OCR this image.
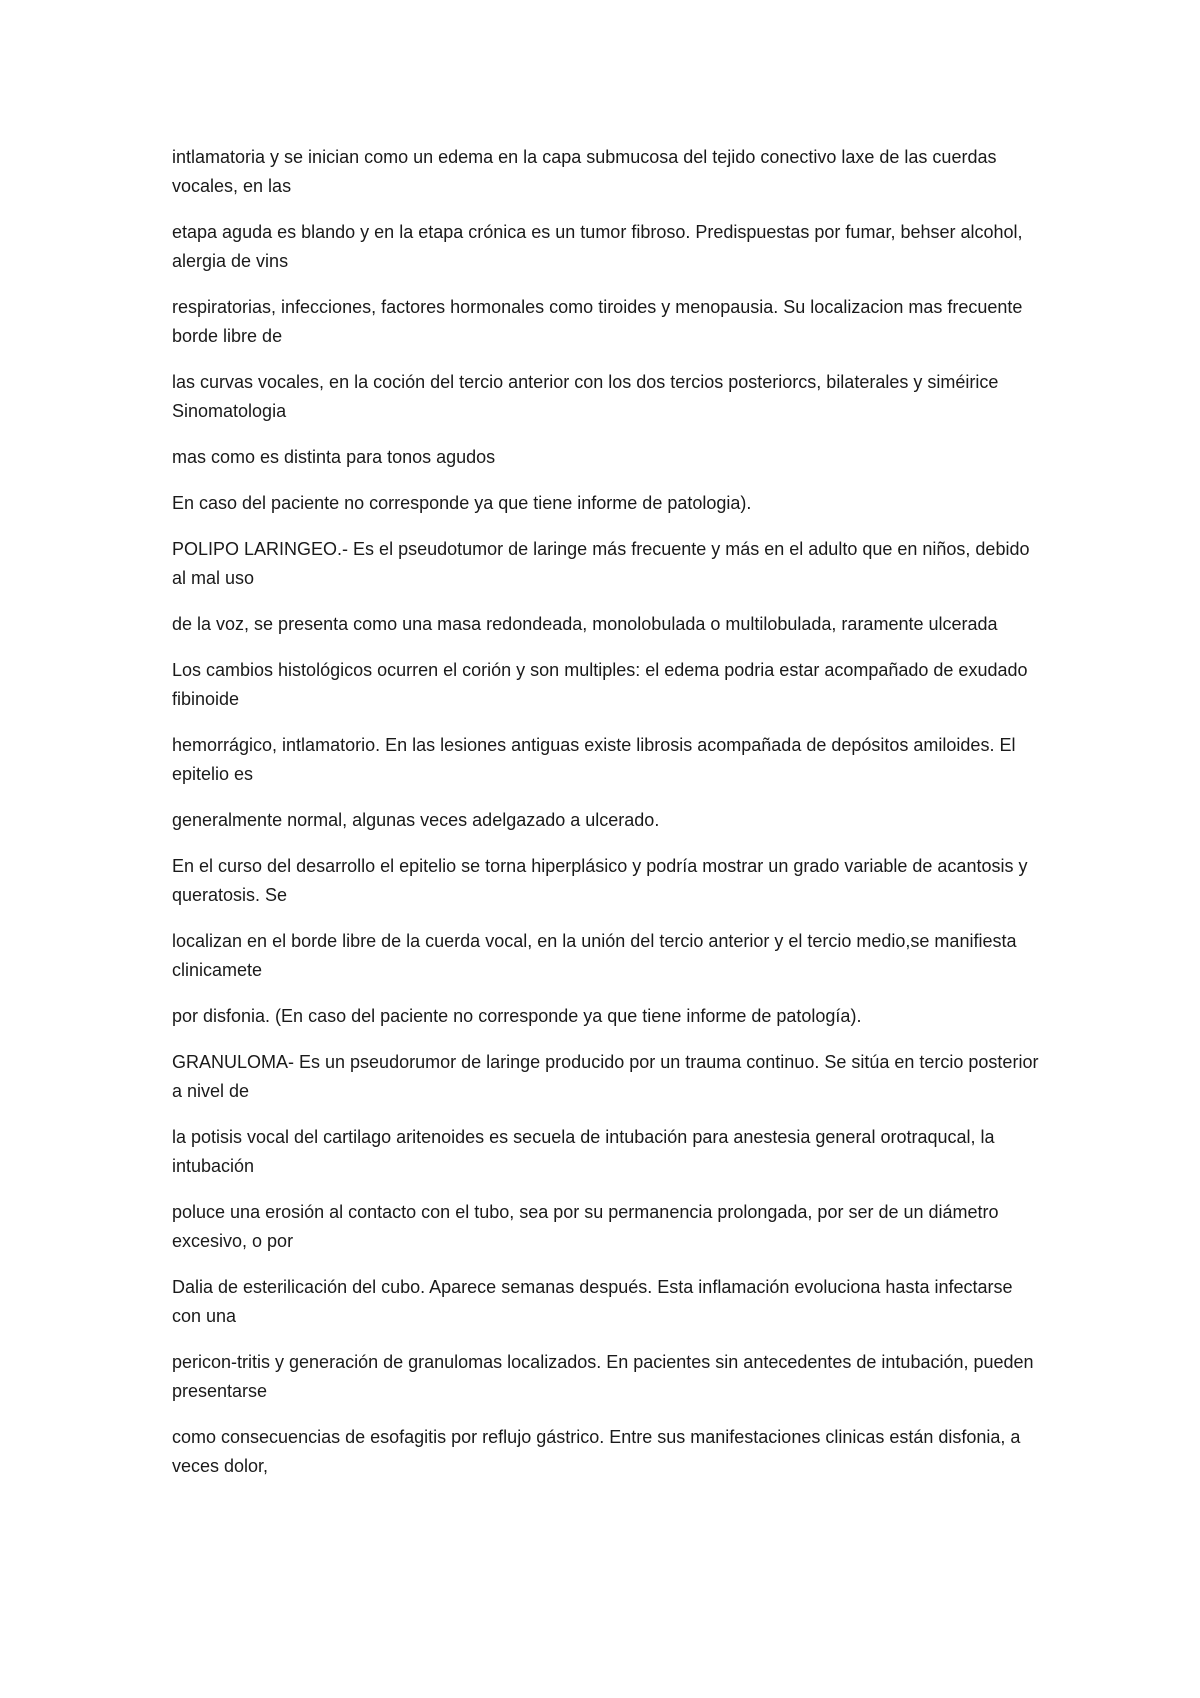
intlamatoria y se inician como un edema en la capa submucosa del tejido conectivo laxe de las cuerdas vocales, en las

etapa aguda es blando y en la etapa crónica es un tumor fibroso. Predispuestas por fumar, behser alcohol, alergia de vins

respiratorias, infecciones, factores hormonales como tiroides y menopausia. Su localizacion mas frecuente borde libre de

las curvas vocales, en la coción del tercio anterior con los dos tercios posteriorcs, bilaterales y siméirice Sinomatologia

mas como es distinta para tonos agudos

En caso del paciente no corresponde ya que tiene informe de patologia).

POLIPO LARINGEO.- Es el pseudotumor de laringe más frecuente y más en el adulto que en niños, debido al mal uso

de la voz, se presenta como una masa redondeada, monolobulada o multilobulada, raramente ulcerada

Los cambios histológicos ocurren el corión y son multiples: el edema podria estar acompañado de exudado fibinoide

hemorrágico, intlamatorio. En las lesiones antiguas existe librosis acompañada de depósitos amiloides. El epitelio es

generalmente normal, algunas veces adelgazado a ulcerado.

En el curso del desarrollo el epitelio se torna hiperplásico y podría mostrar un grado variable de acantosis y queratosis. Se

localizan en el borde libre de la cuerda vocal, en la unión del tercio anterior y el tercio medio,se manifiesta clinicamete

por disfonia. (En caso del paciente no corresponde ya que tiene informe de patología).

GRANULOMA- Es un pseudorumor de laringe producido por un trauma continuo. Se sitúa en tercio posterior a nivel de

la potisis vocal del cartilago aritenoides es secuela de intubación para anestesia general orotraqucal, la intubación

poluce una erosión al contacto con el tubo, sea por su permanencia prolongada, por ser de un diámetro excesivo, o por

Dalia de esterilicación del cubo. Aparece semanas después. Esta inflamación evoluciona hasta infectarse con una

pericon-tritis y generación de granulomas localizados. En pacientes sin antecedentes de intubación, pueden presentarse

como consecuencias de esofagitis por reflujo gástrico. Entre sus manifestaciones clinicas están disfonia, a veces dolor,
